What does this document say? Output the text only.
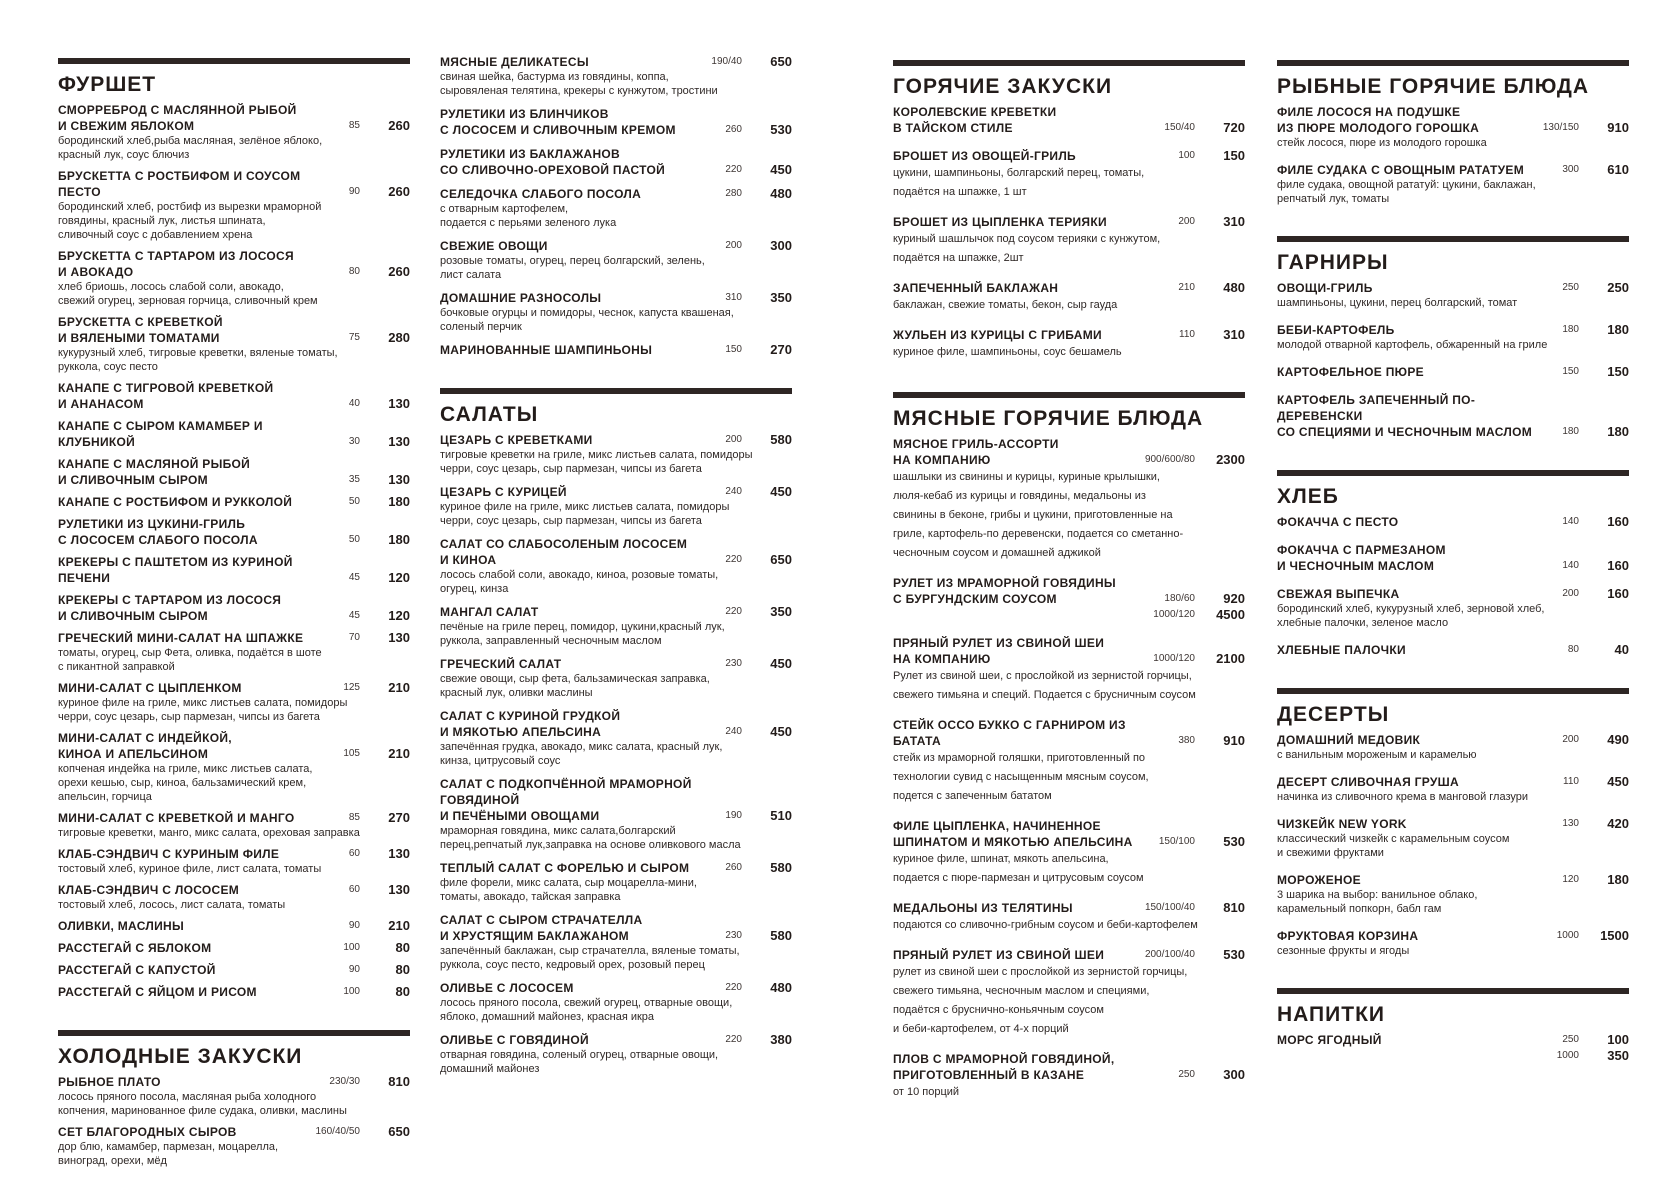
ФУРШЕТ
СМОРРЕБРОД С МАСЛЯННОЙ РЫБОЙ
И СВЕЖИМ ЯБЛОКОМ	85	260
бородинский хлеб,рыба масляная, зелёное яблоко,
красный лук, соус блючиз
БРУСКЕТТА С РОСТБИФОМ И СОУСОМ ПЕСТО	90	260
бородинский хлеб, ростбиф из вырезки мраморной
говядины, красный лук, листья шпината,
сливочный соус с добавлением хрена
БРУСКЕТТА С ТАРТАРОМ ИЗ ЛОСОСЯ
И АВОКАДО	80	260
хлеб бриошь, лосось слабой соли, авокадо,
свежий огурец, зерновая горчица, сливочный крем
БРУСКЕТТА С КРЕВЕТКОЙ
И ВЯЛЕНЫМИ ТОМАТАМИ	75	280
кукурузный хлеб, тигровые креветки, вяленые томаты,
руккола, соус песто
КАНАПЕ С ТИГРОВОЙ КРЕВЕТКОЙ
И АНАНАСОМ	40	130
КАНАПЕ С СЫРОМ КАМАМБЕР И КЛУБНИКОЙ	30	130
КАНАПЕ С МАСЛЯНОЙ РЫБОЙ
И СЛИВОЧНЫМ СЫРОМ	35	130
КАНАПЕ С РОСТБИФОМ И РУККОЛОЙ	50	180
РУЛЕТИКИ ИЗ ЦУКИНИ-ГРИЛЬ
С ЛОСОСЕМ СЛАБОГО ПОСОЛА	50	180
КРЕКЕРЫ С ПАШТЕТОМ ИЗ КУРИНОЙ ПЕЧЕНИ	45	120
КРЕКЕРЫ С ТАРТАРОМ ИЗ ЛОСОСЯ
И СЛИВОЧНЫМ СЫРОМ	45	120
ГРЕЧЕСКИЙ МИНИ-САЛАТ НА ШПАЖКЕ	70	130
томаты, огурец, сыр Фета, оливка, подаётся в шоте
с пикантной заправкой
МИНИ-САЛАТ С ЦЫПЛЕНКОМ	125	210
куриное филе на гриле, микс листьев салата, помидоры
черри, соус цезарь, сыр пармезан, чипсы из багета
МИНИ-САЛАТ С ИНДЕЙКОЙ,
КИНОА И АПЕЛЬСИНОМ	105	210
копченая индейка на гриле, микс листьев салата,
орехи кешью, сыр, киноа, бальзамический крем,
апельсин, горчица
МИНИ-САЛАТ С КРЕВЕТКОЙ И МАНГО	85	270
тигровые креветки, манго, микс салата, ореховая заправка
КЛАБ-СЭНДВИЧ С КУРИНЫМ ФИЛЕ	60	130
тостовый хлеб, куриное филе, лист салата, томаты
КЛАБ-СЭНДВИЧ С ЛОСОСЕМ	60	130
тостовый хлеб, лосось, лист салата, томаты
ОЛИВКИ, МАСЛИНЫ	90	210
РАССТЕГАЙ С ЯБЛОКОМ	100	80
РАССТЕГАЙ С КАПУСТОЙ	90	80
РАССТЕГАЙ С ЯЙЦОМ И РИСОМ	100	80
ХОЛОДНЫЕ ЗАКУСКИ
РЫБНОЕ ПЛАТО	230/30	810
лосось пряного посола, масляная рыба холодного
копчения, маринованное филе судака, оливки, маслины
СЕТ БЛАГОРОДНЫХ СЫРОВ	160/40/50	650
дор блю, камамбер, пармезан, моцарелла,
виноград, орехи, мёд
МЯСНЫЕ ДЕЛИКАТЕСЫ	190/40	650
свиная шейка, бастурма из говядины, коппа,
сыровяленая телятина, крекеры с кунжутом, тростини
РУЛЕТИКИ ИЗ БЛИНЧИКОВ
С ЛОСОСЕМ И СЛИВОЧНЫМ КРЕМОМ	260	530
РУЛЕТИКИ ИЗ БАКЛАЖАНОВ
СО СЛИВОЧНО-ОРЕХОВОЙ ПАСТОЙ	220	450
СЕЛЕДОЧКА СЛАБОГО ПОСОЛА	280	480
с отварным картофелем,
подается с перьями зеленого лука
СВЕЖИЕ ОВОЩИ	200	300
розовые томаты, огурец, перец болгарский, зелень,
лист салата
ДОМАШНИЕ РАЗНОСОЛЫ	310	350
бочковые огурцы и помидоры, чеснок, капуста квашеная,
соленый перчик
МАРИНОВАННЫЕ ШАМПИНЬОНЫ	150	270
САЛАТЫ
ЦЕЗАРЬ С КРЕВЕТКАМИ	200	580
тигровые креветки на гриле, микс листьев салата, помидоры
черри, соус цезарь, сыр пармезан, чипсы из багета
ЦЕЗАРЬ С КУРИЦЕЙ	240	450
куриное филе на гриле, микс листьев салата, помидоры
черри, соус цезарь, сыр пармезан, чипсы из багета
САЛАТ СО СЛАБОСОЛЕНЫМ ЛОСОСЕМ
И КИНОА	220	650
лосось слабой соли, авокадо, киноа, розовые томаты,
огурец, кинза
МАНГАЛ САЛАТ	220	350
печёные на гриле перец, помидор, цукини,красный лук,
руккола, заправленный чесночным маслом
ГРЕЧЕСКИЙ САЛАТ	230	450
свежие овощи, сыр фета, бальзамическая заправка,
красный лук, оливки маслины
САЛАТ С КУРИНОЙ ГРУДКОЙ
И МЯКОТЬЮ АПЕЛЬСИНА	240	450
запечённая грудка, авокадо, микс салата, красный лук,
кинза, цитрусовый соус
САЛАТ С ПОДКОПЧЁННОЙ МРАМОРНОЙ ГОВЯДИНОЙ
И ПЕЧЁНЫМИ ОВОЩАМИ	190	510
мраморная говядина, микс салата,болгарский
перец,репчатый лук,заправка на основе оливкового масла
ТЕПЛЫЙ САЛАТ С ФОРЕЛЬЮ И СЫРОМ	260	580
филе форели, микс салата, сыр моцарелла-мини,
томаты, авокадо, тайская заправка
САЛАТ С СЫРОМ СТРАЧАТЕЛЛА
И ХРУСТЯЩИМ БАКЛАЖАНОМ	230	580
запечённый баклажан, сыр страчателла, вяленые томаты,
руккола, соус песто, кедровый орех, розовый перец
ОЛИВЬЕ С ЛОСОСЕМ	220	480
лосось пряного посола, свежий огурец, отварные овощи,
яблоко, домашний майонез, красная икра
ОЛИВЬЕ С ГОВЯДИНОЙ	220	380
отварная говядина, соленый огурец, отварные овощи,
домашний майонез
ГОРЯЧИЕ ЗАКУСКИ
КОРОЛЕВСКИЕ КРЕВЕТКИ
В ТАЙСКОМ СТИЛЕ	150/40	720
БРОШЕТ ИЗ ОВОЩЕЙ-ГРИЛЬ	100	150
цукини, шампиньоны, болгарский перец, томаты,
подаётся на шпажке, 1 шт
БРОШЕТ ИЗ ЦЫПЛЕНКА ТЕРИЯКИ	200	310
куриный шашлычок под соусом терияки с кунжутом,
подаётся на шпажке, 2шт
ЗАПЕЧЕННЫЙ БАКЛАЖАН	210	480
баклажан, свежие томаты, бекон, сыр гауда
ЖУЛЬЕН ИЗ КУРИЦЫ С ГРИБАМИ	110	310
куриное филе, шампиньоны, соус бешамель
МЯСНЫЕ ГОРЯЧИЕ БЛЮДА
МЯСНОЕ ГРИЛЬ-АССОРТИ
НА КОМПАНИЮ	900/600/80	2300
шашлыки из свинины и курицы, куриные крылышки,
люля-кебаб из курицы и говядины, медальоны из
свинины в беконе, грибы и цукини, приготовленные на
гриле, картофель-по деревенски, подается со сметанно-
чесночным соусом и домашней аджикой
РУЛЕТ ИЗ МРАМОРНОЙ ГОВЯДИНЫ
С БУРГУНДСКИМ СОУСОМ	180/60	920
1000/120	4500
ПРЯНЫЙ РУЛЕТ ИЗ СВИНОЙ ШЕИ
НА КОМПАНИЮ	1000/120	2100
Рулет из свиной шеи, с прослойкой из зернистой горчицы,
свежего тимьяна и специй. Подается с брусничным соусом
СТЕЙК ОССО БУККО С ГАРНИРОМ ИЗ БАТАТА	380	910
стейк из мраморной голяшки, приготовленный по
технологии сувид с насыщенным мясным соусом,
подется с запеченным бататом
ФИЛЕ ЦЫПЛЕНКА, НАЧИНЕННОЕ
ШПИНАТОМ И МЯКОТЬЮ АПЕЛЬСИНА	150/100	530
куриное филе, шпинат, мякоть апельсина,
подается с пюре-пармезан и цитрусовым соусом
МЕДАЛЬОНЫ ИЗ ТЕЛЯТИНЫ	150/100/40	810
подаются со сливочно-грибным соусом и беби-картофелем
ПРЯНЫЙ РУЛЕТ ИЗ СВИНОЙ ШЕИ	200/100/40	530
рулет из свиной шеи с прослойкой из зернистой горчицы,
свежего тимьяна, чесночным маслом и специями,
подаётся с бруснично-коньячным соусом
и беби-картофелем, от 4-х порций
ПЛОВ С МРАМОРНОЙ ГОВЯДИНОЙ,
ПРИГОТОВЛЕННЫЙ В КАЗАНЕ	250	300
от 10 порций
РЫБНЫЕ ГОРЯЧИЕ БЛЮДА
ФИЛЕ ЛОСОСЯ НА ПОДУШКЕ
ИЗ ПЮРЕ МОЛОДОГО ГОРОШКА	130/150	910
стейк лосося, пюре из молодого горошка
ФИЛЕ СУДАКА С ОВОЩНЫМ РАТАТУЕМ	300	610
филе судака, овощной рататуй: цукини, баклажан,
репчатый лук, томаты
ГАРНИРЫ
ОВОЩИ-ГРИЛЬ	250	250
шампиньоны, цукини, перец болгарский, томат
БЕБИ-КАРТОФЕЛЬ	180	180
молодой отварной картофель, обжаренный на гриле
КАРТОФЕЛЬНОЕ ПЮРЕ	150	150
КАРТОФЕЛЬ ЗАПЕЧЕННЫЙ ПО-ДЕРЕВЕНСКИ
СО СПЕЦИЯМИ И ЧЕСНОЧНЫМ МАСЛОМ	180	180
ХЛЕБ
ФОКАЧЧА С ПЕСТО	140	160
ФОКАЧЧА С ПАРМЕЗАНОМ
И ЧЕСНОЧНЫМ МАСЛОМ	140	160
СВЕЖАЯ ВЫПЕЧКА	200	160
бородинский хлеб, кукурузный хлеб, зерновой хлеб,
хлебные палочки, зеленое масло
ХЛЕБНЫЕ ПАЛОЧКИ	80	40
ДЕСЕРТЫ
ДОМАШНИЙ МЕДОВИК	200	490
с ванильным мороженым и карамелью
ДЕСЕРТ СЛИВОЧНАЯ ГРУША	110	450
начинка из сливочного крема в манговой глазури
ЧИЗКЕЙК NEW YORK	130	420
классический чизкейк с карамельным соусом
и свежими фруктами
МОРОЖЕНОЕ	120	180
3 шарика на выбор: ванильное облако,
карамельный попкорн, бабл гам
ФРУКТОВАЯ КОРЗИНА	1000	1500
сезонные фрукты и ягоды
НАПИТКИ
МОРС ЯГОДНЫЙ	250	100
1000	350
